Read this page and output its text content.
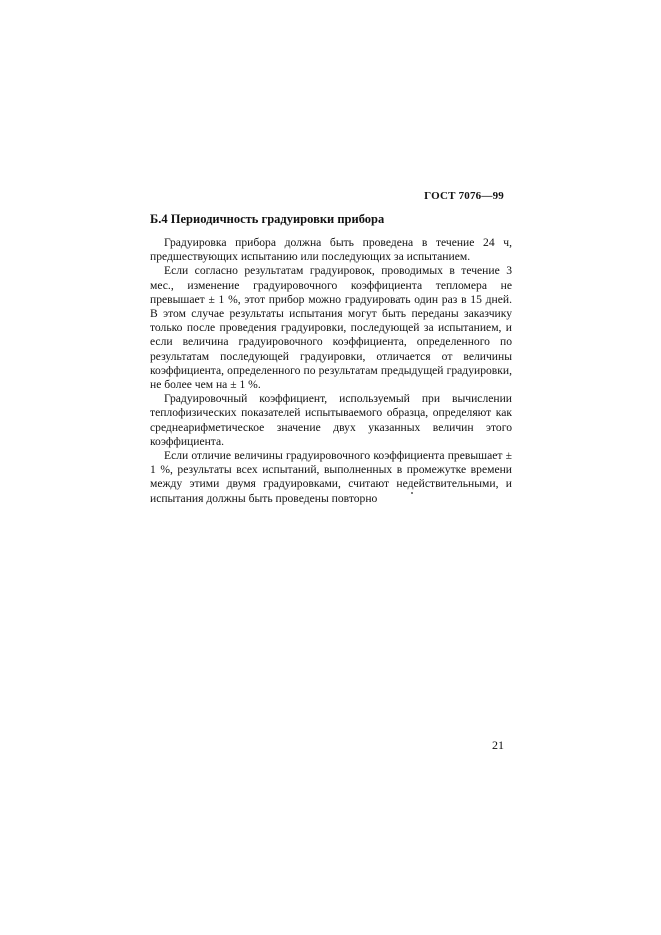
ГОСТ 7076—99
Б.4 Периодичность градуировки прибора

Градуировка прибора должна быть проведена в течение 24 ч, предшествующих испытанию или последующих за испытанием.

Если согласно результатам градуировок, проводимых в течение 3 мес., изменение градуировочного коэффициента тепломера не превышает ± 1 %, этот прибор можно градуировать один раз в 15 дней. В этом случае результаты испытания могут быть переданы заказчику только после проведения градуировки, последующей за испытанием, и если величина градуировочного коэффициента, определенного по результатам последующей градуировки, отличается от величины коэффициента, определенного по результатам предыдущей градуировки, не более чем на ± 1 %.

Градуировочный коэффициент, используемый при вычислении теплофизических показателей испытываемого образца, определяют как среднеарифметическое значение двух указанных величин этого коэффициента.

Если отличие величины градуировочного коэффициента превышает ± 1 %, результаты всех испытаний, выполненных в промежутке времени между этими двумя градуировками, считают недействительными, и испытания должны быть проведены повторно

21
